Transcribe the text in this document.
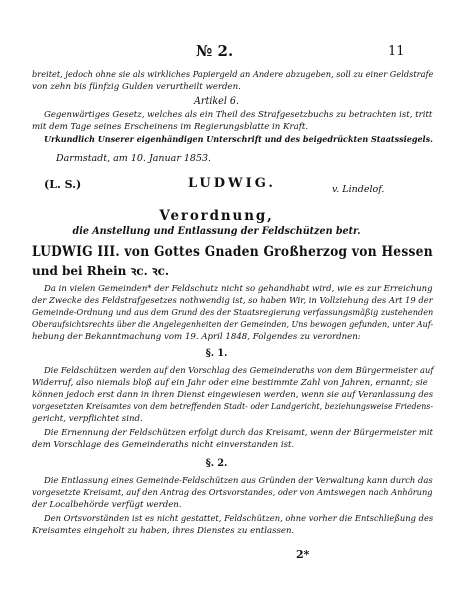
№ 2.	11
breitet, jedoch ohne sie als wirkliches Papiergeld an Andere abzugeben, soll zu einer Geldstrafe
von zehn bis fünfzig Gulden verurtheilt werden.
Artikel 6.
Gegenwärtiges Gesetz, welches als ein Theil des Strafgesetzbuchs zu betrachten ist, tritt
mit dem Tage seines Erscheinens im Regierungsblatte in Kraft.
Urkundlich Unserer eigenhändigen Unterschrift und des beigedrückten Staatssiegels.
Darmstadt, am 10. Januar 1853.
(L. S.)	LUDWIG.	v. Lindelof.
Verordnung,
die Anstellung und Entlassung der Feldschützen betr.
LUDWIG III. von Gottes Gnaden Großherzog von Hessen
und bei Rhein ꝛc. ꝛc.
Da in vielen Gemeinden* der Feldschutz nicht so gehandhabt wird, wie es zur Erreichung
der Zwecke des Feldstrafgesetzes nothwendig ist, so haben Wir, in Vollziehung des Art 19 der
Gemeinde-Ordnung und aus dem Grund des der Staatsregierung verfassungsmäßig zustehenden
Oberaufsichtsrechts über die Angelegenheiten der Gemeinden, Uns bewogen gefunden, unter Auf-
hebung der Bekanntmachung vom 19. April 1848, Folgendes zu verordnen:
§. 1.
Die Feldschützen werden auf den Vorschlag des Gemeinderaths von dem Bürgermeister auf
Widerruf, also niemals bloß auf ein Jahr oder eine bestimmte Zahl von Jahren, ernannt; sie
können jedoch erst dann in ihren Dienst eingewiesen werden, wenn sie auf Veranlassung des
vorgesetzten Kreisamtes von dem betreffenden Stadt- oder Landgericht, beziehungsweise Friedens-
gericht, verpflichtet sind.
Die Ernennung der Feldschützen erfolgt durch das Kreisamt, wenn der Bürgermeister mit
dem Vorschlage des Gemeinderaths nicht einverstanden ist.
§. 2.
Die Entlassung eines Gemeinde-Feldschützen aus Gründen der Verwaltung kann durch das
vorgesetzte Kreisamt, auf den Antrag des Ortsvorstandes, oder von Amtswegen nach Anhörung
der Localbehörde verfügt werden.
Den Ortsvorständen ist es nicht gestattet, Feldschützen, ohne vorher die Entschließung des
Kreisamtes eingeholt zu haben, ihres Dienstes zu entlassen.
2*
